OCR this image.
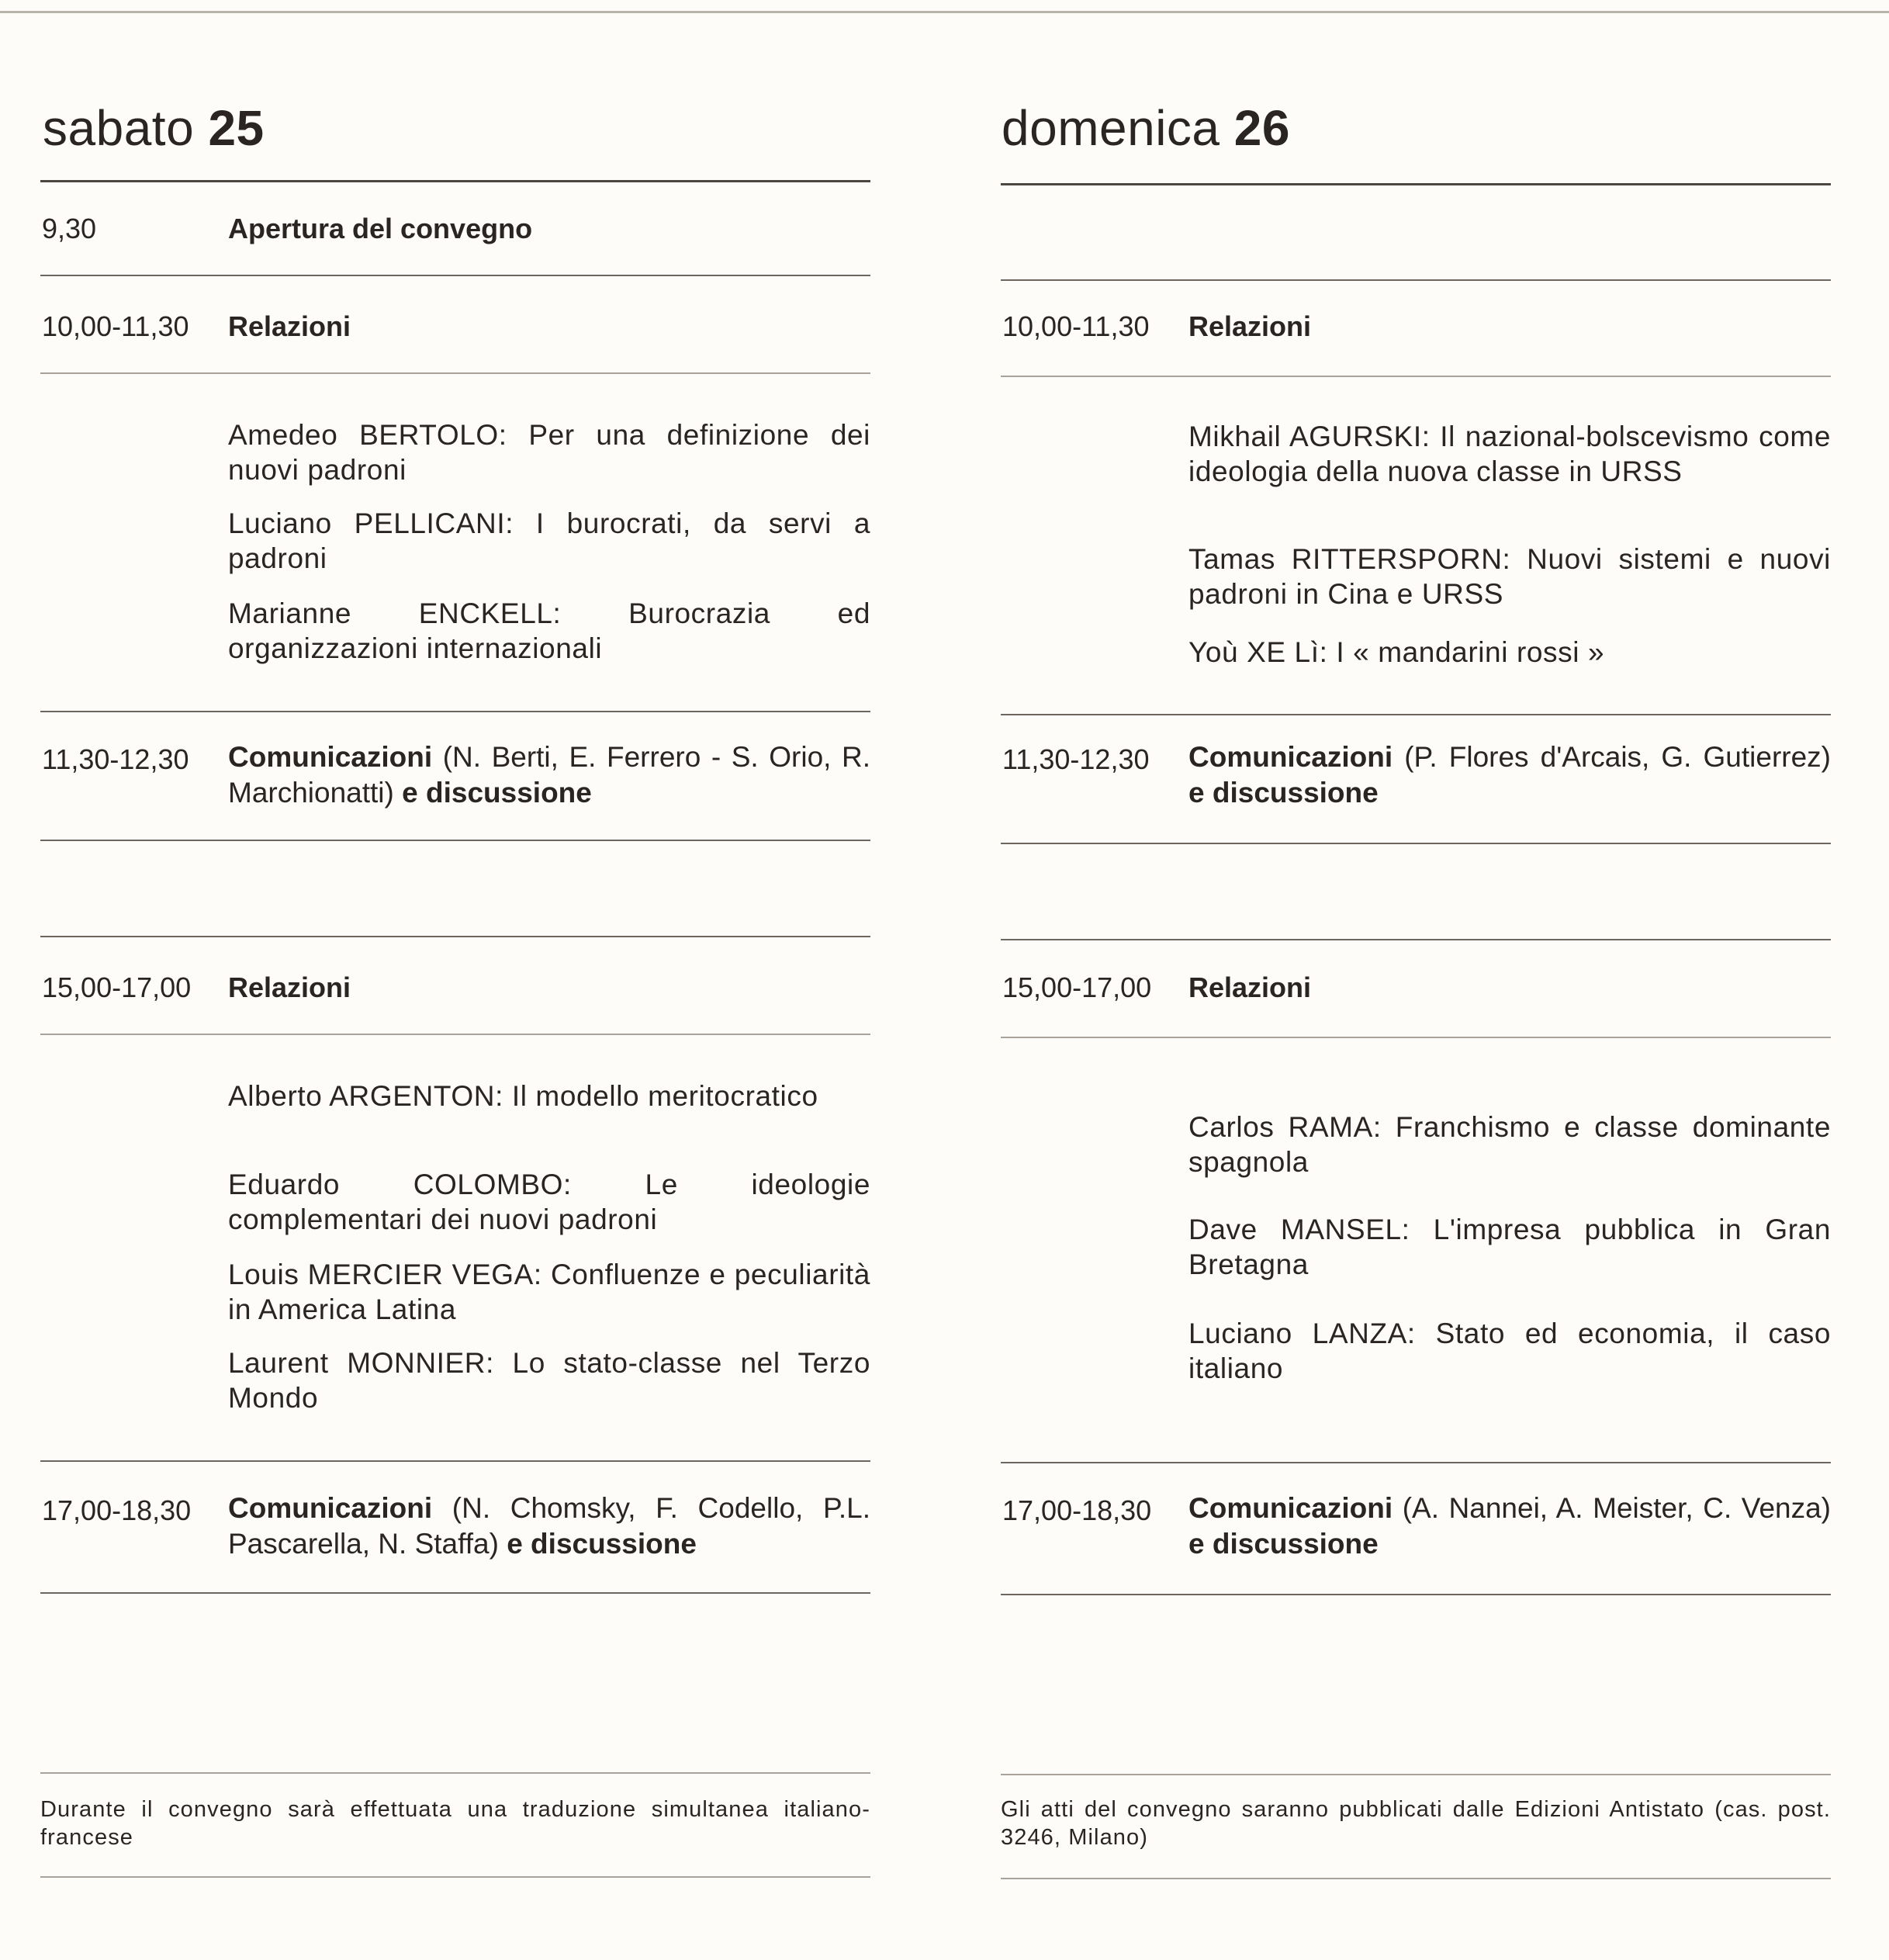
sabato 25
9,30	Apertura del convegno
10,00-11,30 Relazioni
Amedeo BERTOLO: Per una definizione dei nuovi padroni
Luciano PELLICANI: I burocrati, da servi a padroni
Marianne ENCKELL: Burocrazia ed organizzazioni internazionali
11,30-12,30 Comunicazioni (N. Berti, E. Ferrero - S. Orio, R. Marchionatti) e discussione
15,00-17,00 Relazioni
Alberto ARGENTON: Il modello meritocratico
Eduardo COLOMBO: Le ideologie complementari dei nuovi padroni
Louis MERCIER VEGA: Confluenze e peculiarità in America Latina
Laurent MONNIER: Lo stato-classe nel Terzo Mondo
17,00-18,30 Comunicazioni (N. Chomsky, F. Codello, P.L. Pascarella, N. Staffa) e discussione
Durante il convegno sarà effettuata una traduzione simultanea italiano-francese
domenica 26
10,00-11,30 Relazioni
Mikhail AGURSKI: Il nazional-bolscevismo come ideologia della nuova classe in URSS
Tamas RITTERSPORN: Nuovi sistemi e nuovi padroni in Cina e URSS
Yoù XE Lì: I « mandarini rossi »
11,30-12,30 Comunicazioni (P. Flores d'Arcais, G. Gutierrez) e discussione
15,00-17,00 Relazioni
Carlos RAMA: Franchismo e classe dominante spagnola
Dave MANSEL: L'impresa pubblica in Gran Bretagna
Luciano LANZA: Stato ed economia, il caso italiano
17,00-18,30 Comunicazioni (A. Nannei, A. Meister, C. Venza) e discussione
Gli atti del convegno saranno pubblicati dalle Edizioni Antistato (cas. post. 3246, Milano)
